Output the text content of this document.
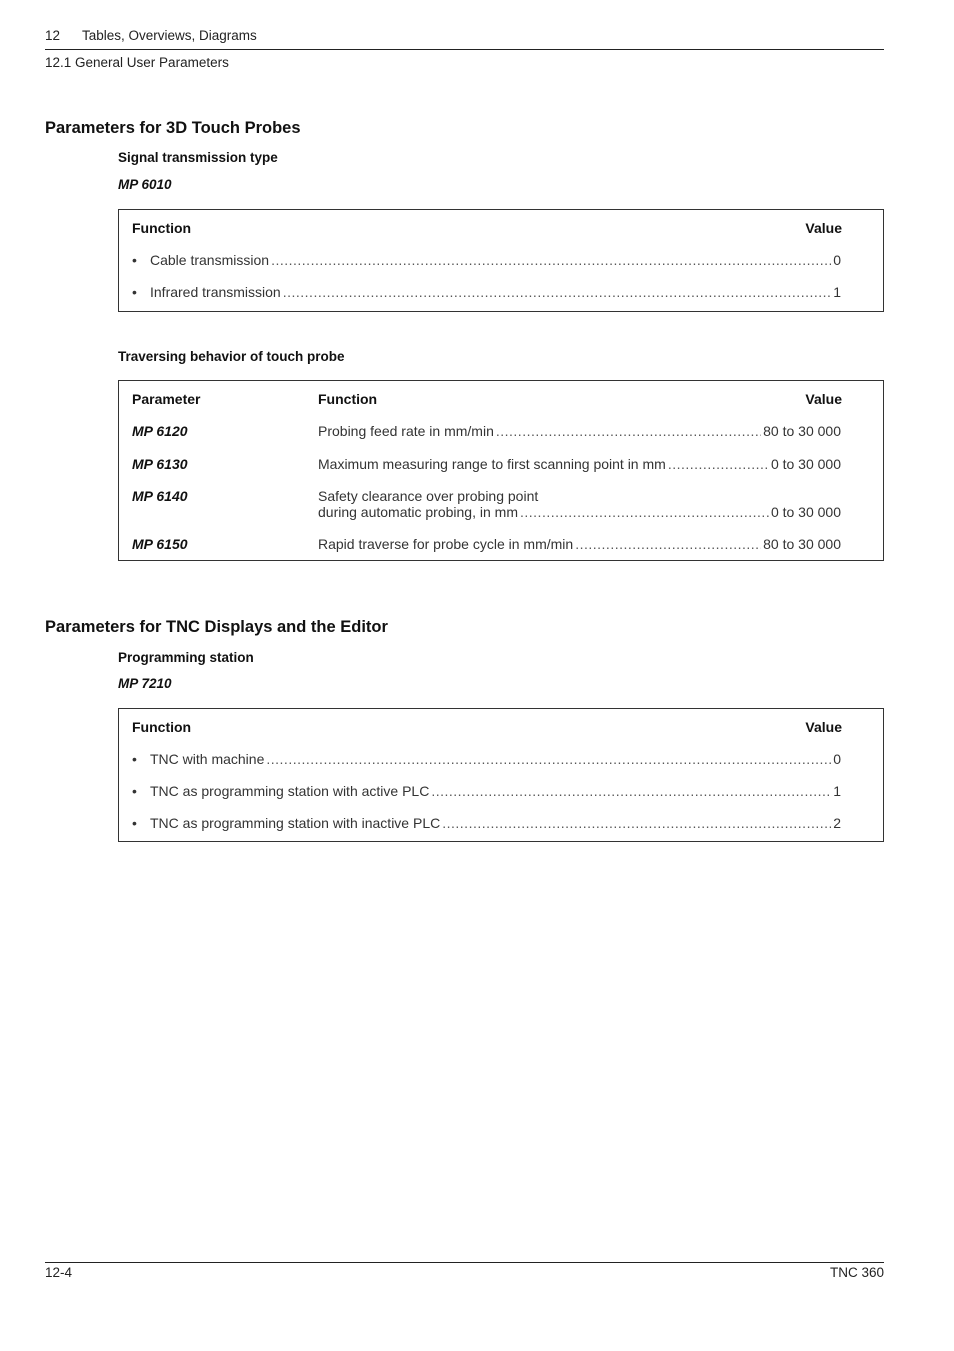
12 Tables, Overviews, Diagrams
12.1 General User Parameters
Parameters for 3D Touch Probes
Signal transmission type
MP 6010
Function	Value
• Cable transmission .....	0
• Infrared transmission .....	1
Traversing behavior of touch probe
Parameter	Function	Value
MP 6120	Probing feed rate in mm/min .....	80 to 30 000
MP 6130	Maximum measuring range to first scanning point in mm .....	0 to 30 000
MP 6140	Safety clearance over probing point
during automatic probing, in mm .....	0 to 30 000
MP 6150	Rapid traverse for probe cycle in mm/min .....	80 to 30 000
Parameters for TNC Displays and the Editor
Programming station
MP 7210
Function	Value
• TNC with machine .....	0
• TNC as programming station with active PLC .....	1
• TNC as programming station with inactive PLC .....	2
12-4	TNC 360
